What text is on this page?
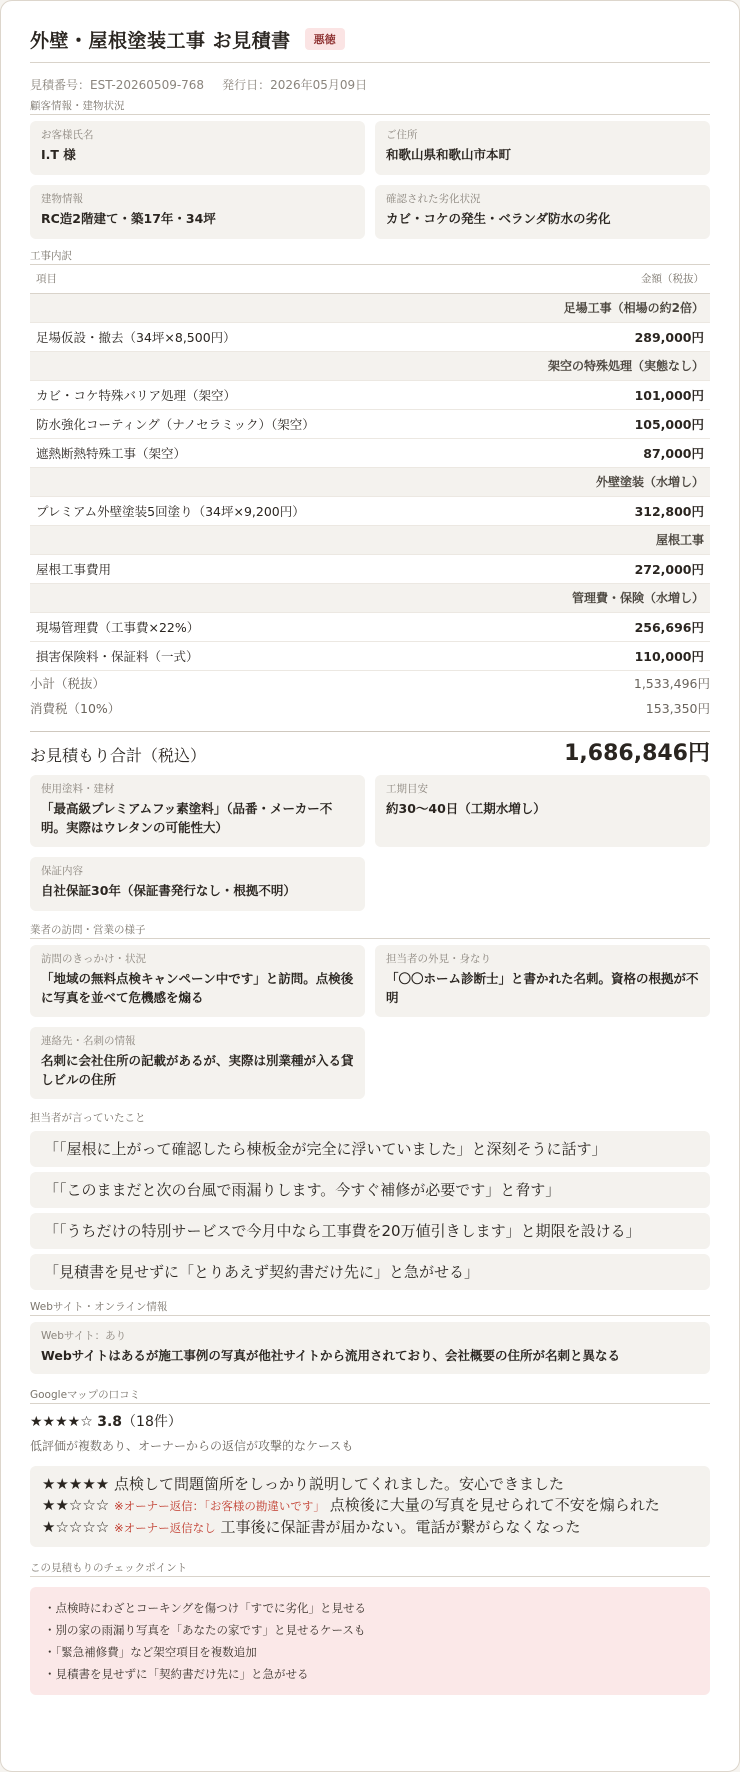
外壁・屋根塗装工事 お見積書	悪徳
見積番号：EST-20260509-768 発行日：2026年05月09日
顧客情報・建物状況
お客様氏名
I.T 様
ご住所
和歌山県和歌山市本町
建物情報
RC造2階建て・築17年・34坪
確認された劣化状況
カビ・コケの発生・ベランダ防水の劣化
工事内訳
項目	金額（税抜）
足場工事（相場の約2倍）	
足場仮設・撤去（34坪×8,500円）	289,000円
架空の特殊処理（実態なし）	
カビ・コケ特殊バリア処理（架空）	101,000円
防水強化コーティング（ナノセラミック）（架空）	105,000円
遮熱断熱特殊工事（架空）	87,000円
外壁塗装（水増し）	
プレミアム外壁塗装5回塗り（34坪×9,200円）	312,800円
屋根工事	
屋根工事費用	272,000円
管理費・保険（水増し）	
現場管理費（工事費×22%）	256,696円
損害保険料・保証料（一式）	110,000円
小計（税抜）	1,533,496円
消費税（10%）	153,350円
お見積もり合計（税込）	1,686,846円
使用塗料・建材
「最高級プレミアムフッ素塗料」（品番・メーカー不明。実際はウレタンの可能性大）
工期目安
約30〜40日（工期水増し）
保証内容
自社保証30年（保証書発行なし・根拠不明）
業者の訪問・営業の様子
訪問のきっかけ・状況
「地域の無料点検キャンペーン中です」と訪問。点検後に写真を並べて危機感を煽る
担当者の外見・身なり
「〇〇ホーム診断士」と書かれた名刺。資格の根拠が不明
連絡先・名刺の情報
名刺に会社住所の記載があるが、実際は別業種が入る貸しビルの住所
担当者が言っていたこと
「「屋根に上がって確認したら棟板金が完全に浮いていました」と深刻そうに話す」
「「このままだと次の台風で雨漏りします。今すぐ補修が必要です」と脅す」
「「うちだけの特別サービスで今月中なら工事費を20万値引きします」と期限を設ける」
「見積書を見せずに「とりあえず契約書だけ先に」と急がせる」
Webサイト・オンライン情報
Webサイト：あり
Webサイトはあるが施工事例の写真が他社サイトから流用されており、会社概要の住所が名刺と異なる
Googleマップの口コミ
★★★★☆ 3.8（18件）
低評価が複数あり、オーナーからの返信が攻撃的なケースも
★★★★★ 点検して問題箇所をしっかり説明してくれました。安心できました
★★☆☆☆ ※オーナー返信：「お客様の勘違いです」 点検後に大量の写真を見せられて不安を煽られた
★☆☆☆☆ ※オーナー返信なし 工事後に保証書が届かない。電話が繋がらなくなった
この見積もりのチェックポイント
・点検時にわざとコーキングを傷つけ「すでに劣化」と見せる
・別の家の雨漏り写真を「あなたの家です」と見せるケースも
・「緊急補修費」など架空項目を複数追加
・見積書を見せずに「契約書だけ先に」と急がせる
